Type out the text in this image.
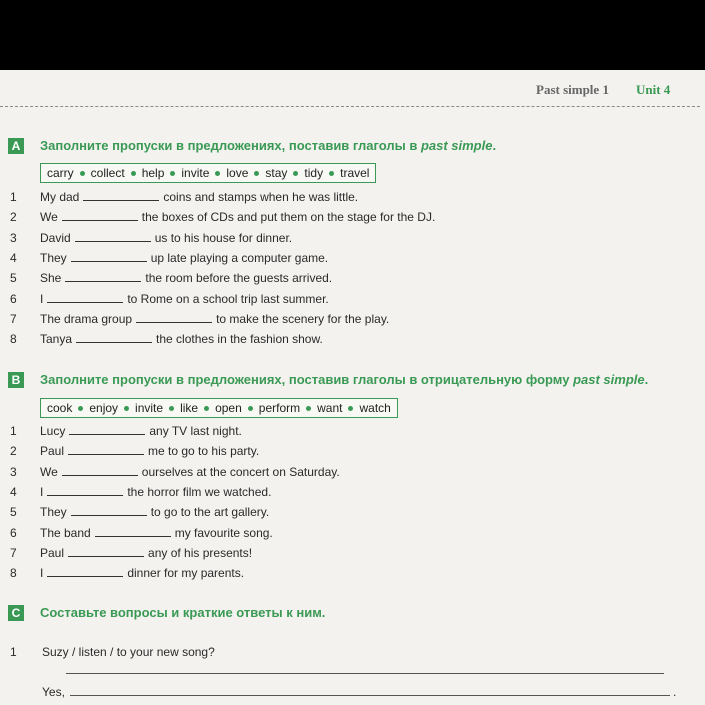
Past simple 1 Unit 4
A Заполните пропуски в предложениях, поставив глаголы в past simple.
carry collect help invite love stay tidy travel
1	My dad	coins and stamps when he was little.
2	We	the boxes of CDs and put them on the stage for the DJ.
3	David	us to his house for dinner.
4	They	up late playing a computer game.
5	She	the room before the guests arrived.
6	I	to Rome on a school trip last summer.
7	The drama group	to make the scenery for the play.
8	Tanya	the clothes in the fashion show.
B Заполните пропуски в предложениях, поставив глаголы в отрицательную форму past simple.
cook enjoy invite like open perform want watch
1	Lucy	any TV last night.
2	Paul	me to go to his party.
3	We	ourselves at the concert on Saturday.
4	I	the horror film we watched.
5	They	to go to the art gallery.
6	The band	my favourite song.
7	Paul	any of his presents!
8	I	dinner for my parents.
C Составьте вопросы и краткие ответы к ним.
1	Suzy / listen / to your new song?
Yes,	.
